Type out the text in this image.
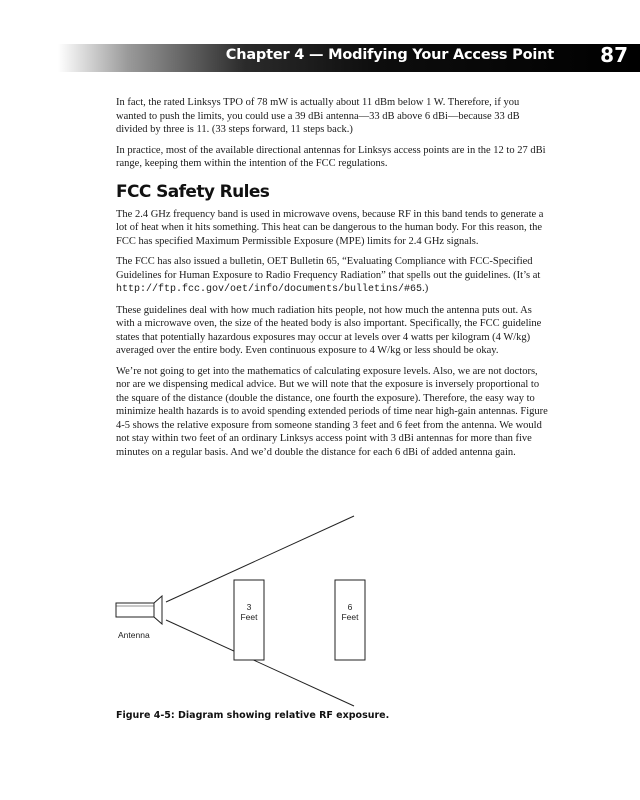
Chapter 4 — Modifying Your Access Point 87

In fact, the rated Linksys TPO of 78 mW is actually about 11 dBm below 1 W. Therefore, if you wanted to push the limits, you could use a 39 dBi antenna—33 dB above 6 dBi—because 33 dB divided by three is 11. (33 steps forward, 11 steps back.)

In practice, most of the available directional antennas for Linksys access points are in the 12 to 27 dBi range, keeping them within the intention of the FCC regulations.

FCC Safety Rules

The 2.4 GHz frequency band is used in microwave ovens, because RF in this band tends to generate a lot of heat when it hits something. This heat can be dangerous to the human body. For this reason, the FCC has specified Maximum Permissible Exposure (MPE) limits for 2.4 GHz signals.

The FCC has also issued a bulletin, OET Bulletin 65, “Evaluating Compliance with FCC-Specified Guidelines for Human Exposure to Radio Frequency Radiation” that spells out the guidelines. (It’s at http://ftp.fcc.gov/oet/info/documents/bulletins/#65.)

These guidelines deal with how much radiation hits people, not how much the antenna puts out. As with a microwave oven, the size of the heated body is also important. Specifically, the FCC guideline states that potentially hazardous exposures may occur at levels over 4 watts per kilogram (4 W/kg) averaged over the entire body. Even continuous exposure to 4 W/kg or less should be okay.

We’re not going to get into the mathematics of calculating exposure levels. Also, we are not doctors, nor are we dispensing medical advice. But we will note that the exposure is inversely proportional to the square of the distance (double the distance, one fourth the exposure). Therefore, the easy way to minimize health hazards is to avoid spending extended periods of time near high-gain antennas. Figure 4-5 shows the relative exposure from someone standing 3 feet and 6 feet from the antenna. We would not stay within two feet of an ordinary Linksys access point with 3 dBi antennas for more than five minutes on a regular basis. And we’d double the distance for each 6 dBi of added antenna gain.

Antenna
3
Feet
6
Feet
Figure 4-5: Diagram showing relative RF exposure.
